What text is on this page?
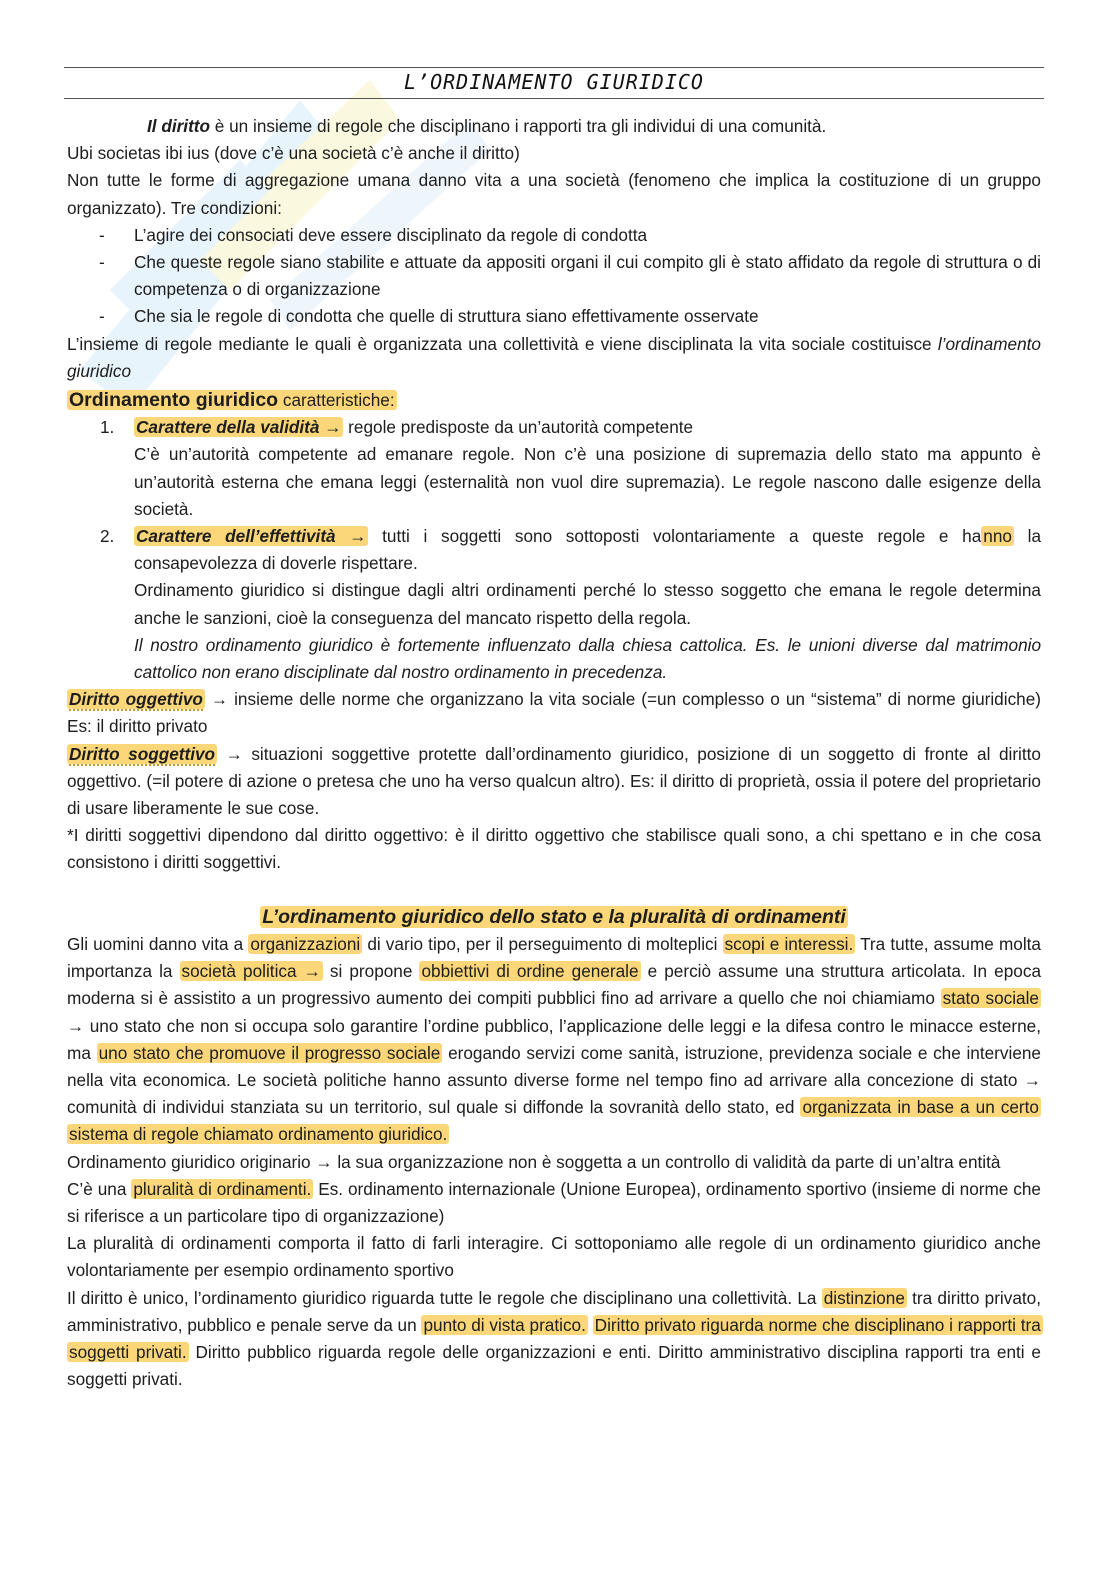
L’ORDINAMENTO GIURIDICO

Il diritto è un insieme di regole che disciplinano i rapporti tra gli individui di una comunità.

Ubi societas ibi ius (dove c’è una società c’è anche il diritto)

Non tutte le forme di aggregazione umana danno vita a una società (fenomeno che implica la costituzione di un gruppo organizzato). Tre condizioni:

- L’agire dei consociati deve essere disciplinato da regole di condotta
- Che queste regole siano stabilite e attuate da appositi organi il cui compito gli è stato affidato da regole di struttura o di competenza o di organizzazione
- Che sia le regole di condotta che quelle di struttura siano effettivamente osservate

L’insieme di regole mediante le quali è organizzata una collettività e viene disciplinata la vita sociale costituisce l’ordinamento giuridico

Ordinamento giuridico caratteristiche:

1. Carattere della validità → regole predisposte da un’autorità competente

C’è un’autorità competente ad emanare regole. Non c’è una posizione di supremazia dello stato ma appunto è un’autorità esterna che emana leggi (esternalità non vuol dire supremazia). Le regole nascono dalle esigenze della società.

2. Carattere dell’effettività → tutti i soggetti sono sottoposti volontariamente a queste regole e ha nno la consapevolezza di doverle rispettare.

Ordinamento giuridico si distingue dagli altri ordinamenti perché lo stesso soggetto che emana le regole determina anche le sanzioni, cioè la conseguenza del mancato rispetto della regola.

Il nostro ordinamento giuridico è fortemente influenzato dalla chiesa cattolica. Es. le unioni diverse dal matrimonio cattolico non erano disciplinate dal nostro ordinamento in precedenza.

Diritto oggettivo → insieme delle norme che organizzano la vita sociale (=un complesso o un “sistema” di norme giuridiche) Es: il diritto privato

Diritto soggettivo → situazioni soggettive protette dall’ordinamento giuridico, posizione di un soggetto di fronte al diritto oggettivo. (=il potere di azione o pretesa che uno ha verso qualcun altro). Es: il diritto di proprietà, ossia il potere del proprietario di usare liberamente le sue cose.

*I diritti soggettivi dipendono dal diritto oggettivo: è il diritto oggettivo che stabilisce quali sono, a chi spettano e in che cosa consistono i diritti soggettivi.

L’ordinamento giuridico dello stato e la pluralità di ordinamenti

Gli uomini danno vita a organizzazioni di vario tipo, per il perseguimento di molteplici scopi e interessi. Tra tutte, assume molta importanza la società politica → si propone obbiettivi di ordine generale e perciò assume una struttura articolata. In epoca moderna si è assistito a un progressivo aumento dei compiti pubblici fino ad arrivare a quello che noi chiamiamo stato sociale → uno stato che non si occupa solo garantire l’ordine pubblico, l’applicazione delle leggi e la difesa contro le minacce esterne, ma uno stato che promuove il progresso sociale erogando servizi come sanità, istruzione, previdenza sociale e che interviene nella vita economica. Le società politiche hanno assunto diverse forme nel tempo fino ad arrivare alla concezione di stato → comunità di individui stanziata su un territorio, sul quale si diffonde la sovranità dello stato, ed organizzata in base a un certo sistema di regole chiamato ordinamento giuridico.

Ordinamento giuridico originario → la sua organizzazione non è soggetta a un controllo di validità da parte di un’altra entità

C’è una pluralità di ordinamenti. Es. ordinamento internazionale (Unione Europea), ordinamento sportivo (insieme di norme che si riferisce a un particolare tipo di organizzazione)

La pluralità di ordinamenti comporta il fatto di farli interagire. Ci sottoponiamo alle regole di un ordinamento giuridico anche volontariamente per esempio ordinamento sportivo

Il diritto è unico, l’ordinamento giuridico riguarda tutte le regole che disciplinano una collettività. La distinzione tra diritto privato, amministrativo, pubblico e penale serve da un punto di vista pratico. Diritto privato riguarda norme che disciplinano i rapporti tra soggetti privati. Diritto pubblico riguarda regole delle organizzazioni e enti. Diritto amministrativo disciplina rapporti tra enti e soggetti privati.
